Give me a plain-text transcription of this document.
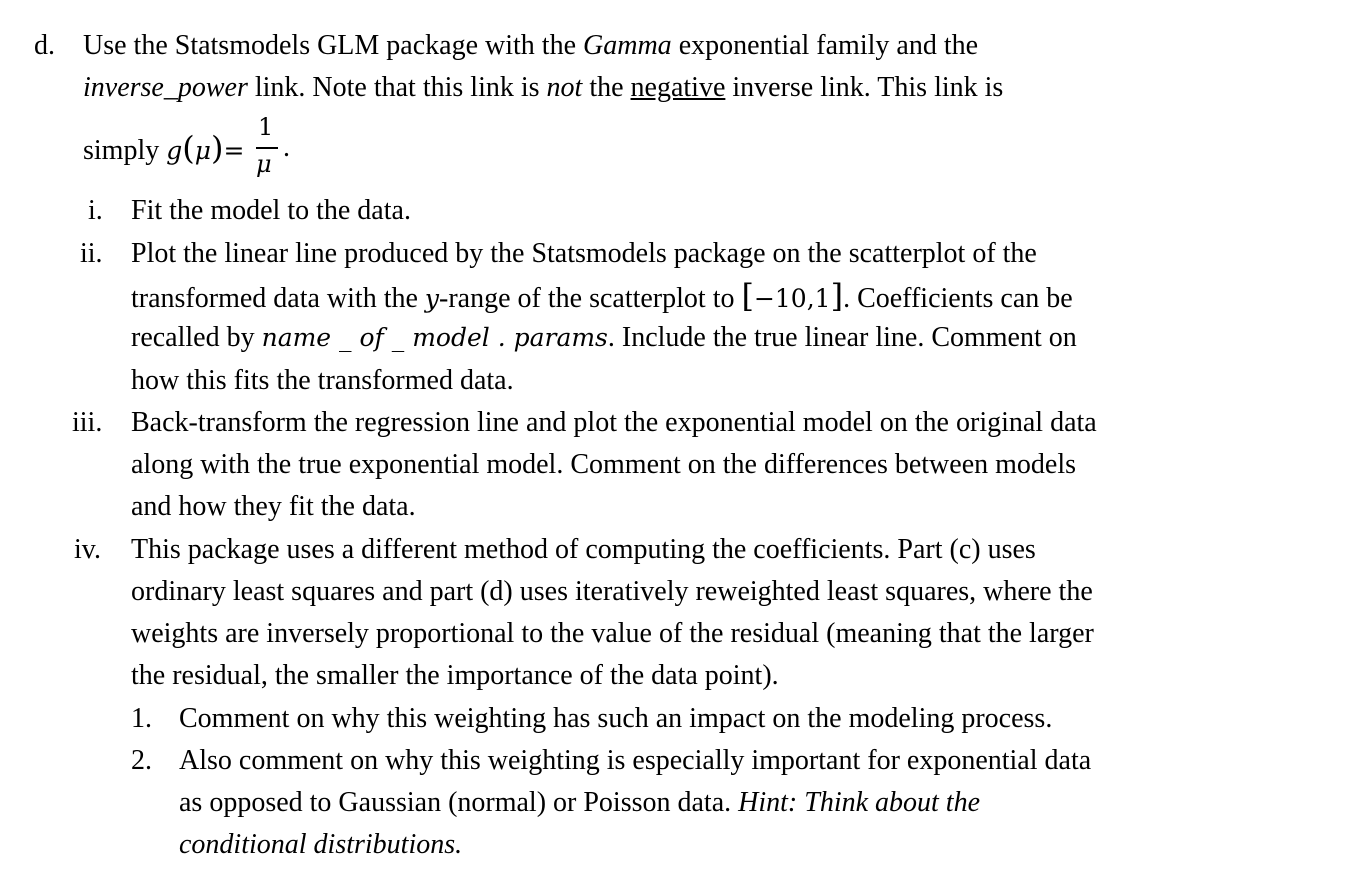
d. Use the Statsmodels GLM package with the Gamma exponential family and the
inverse_power link. Note that this link is not the negative inverse link. This link is
simply g(μ)=
1
μ
.
i. Fit the model to the data.
ii. Plot the linear line produced by the Statsmodels package on the scatterplot of the
transformed data with the y-range of the scatterplot to [−10,1]. Coefficients can be
recalled by name _ of _ model . params. Include the true linear line. Comment on
how this fits the transformed data.
iii. Back-transform the regression line and plot the exponential model on the original data
along with the true exponential model. Comment on the differences between models
and how they fit the data.
iv. This package uses a different method of computing the coefficients. Part (c) uses
ordinary least squares and part (d) uses iteratively reweighted least squares, where the
weights are inversely proportional to the value of the residual (meaning that the larger
the residual, the smaller the importance of the data point).
1. Comment on why this weighting has such an impact on the modeling process.
2. Also comment on why this weighting is especially important for exponential data
as opposed to Gaussian (normal) or Poisson data. Hint: Think about the
conditional distributions.
